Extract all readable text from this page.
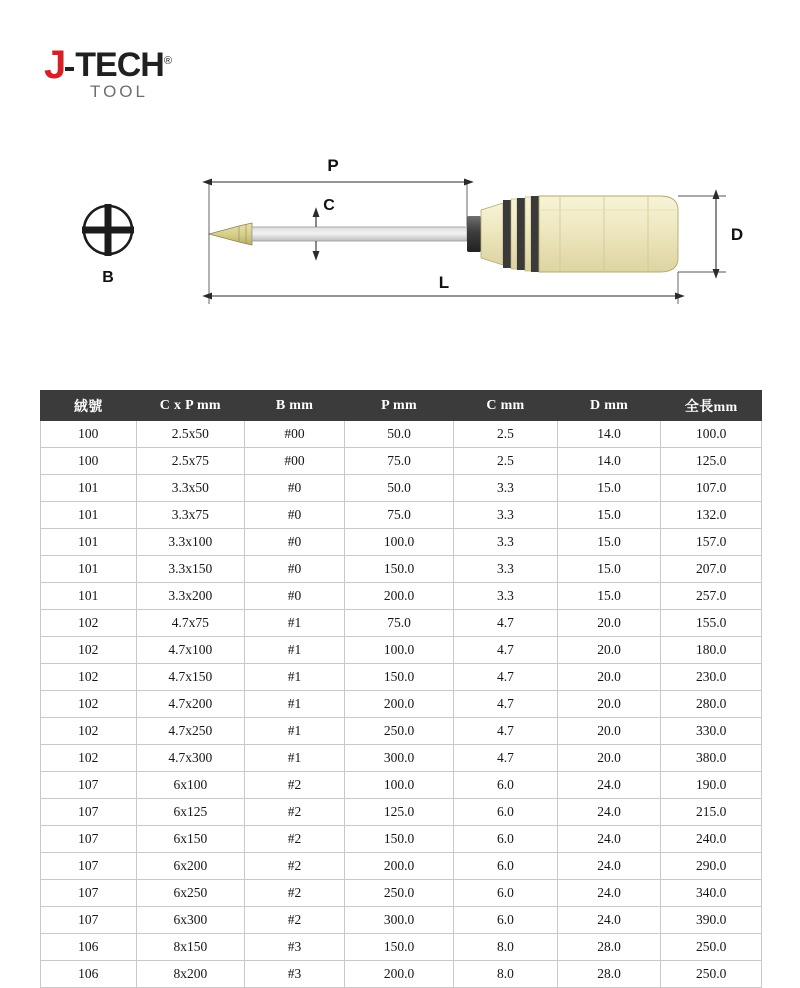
J TECH®
TOOL
B
P
C
D
L
絨號	C x P mm	B mm	P mm	C mm	D mm	全長mm
100	2.5x50	#00	50.0	2.5	14.0	100.0
100	2.5x75	#00	75.0	2.5	14.0	125.0
101	3.3x50	#0	50.0	3.3	15.0	107.0
101	3.3x75	#0	75.0	3.3	15.0	132.0
101	3.3x100	#0	100.0	3.3	15.0	157.0
101	3.3x150	#0	150.0	3.3	15.0	207.0
101	3.3x200	#0	200.0	3.3	15.0	257.0
102	4.7x75	#1	75.0	4.7	20.0	155.0
102	4.7x100	#1	100.0	4.7	20.0	180.0
102	4.7x150	#1	150.0	4.7	20.0	230.0
102	4.7x200	#1	200.0	4.7	20.0	280.0
102	4.7x250	#1	250.0	4.7	20.0	330.0
102	4.7x300	#1	300.0	4.7	20.0	380.0
107	6x100	#2	100.0	6.0	24.0	190.0
107	6x125	#2	125.0	6.0	24.0	215.0
107	6x150	#2	150.0	6.0	24.0	240.0
107	6x200	#2	200.0	6.0	24.0	290.0
107	6x250	#2	250.0	6.0	24.0	340.0
107	6x300	#2	300.0	6.0	24.0	390.0
106	8x150	#3	150.0	8.0	28.0	250.0
106	8x200	#3	200.0	8.0	28.0	250.0
